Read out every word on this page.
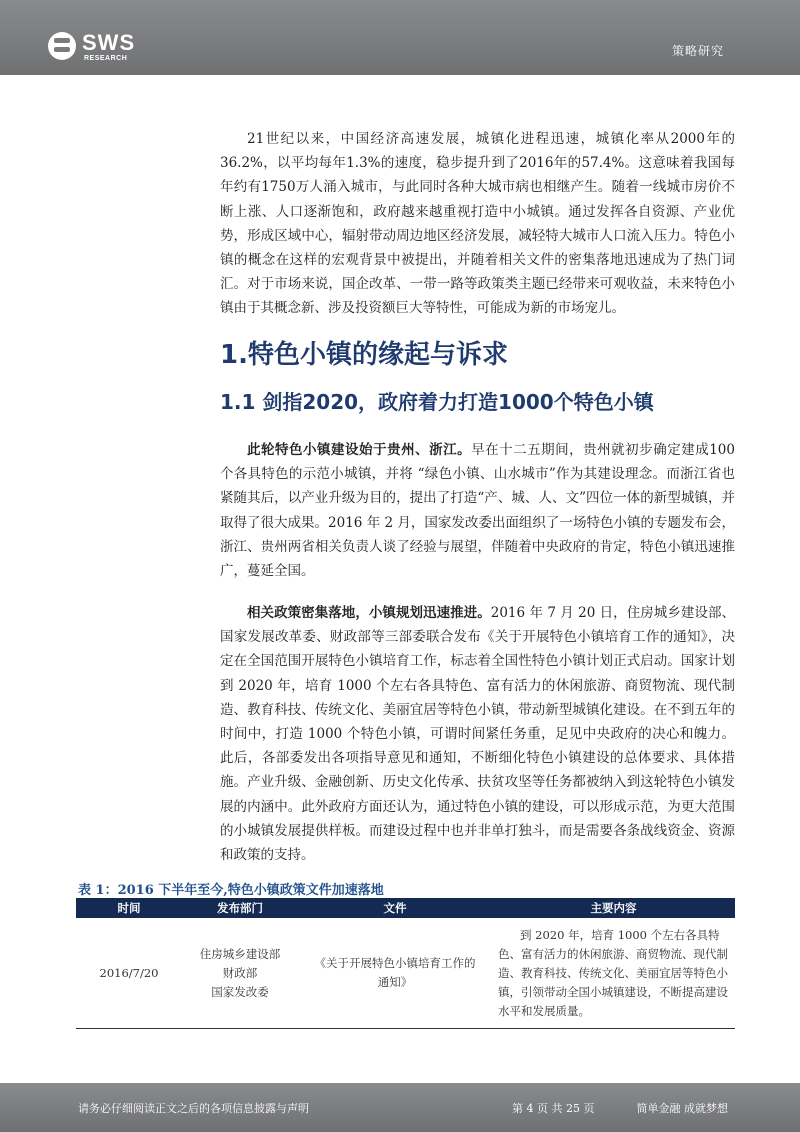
SWS
RESEARCH
策略研究

21世纪以来，中国经济高速发展，城镇化进程迅速，城镇化率从2000年的36.2%，以平均每年1.3%的速度，稳步提升到了2016年的57.4%。这意味着我国每年约有1750万人涌入城市，与此同时各种大城市病也相继产生。随着一线城市房价不断上涨、人口逐渐饱和，政府越来越重视打造中小城镇。通过发挥各自资源、产业优势，形成区域中心，辐射带动周边地区经济发展，减轻特大城市人口流入压力。特色小镇的概念在这样的宏观背景中被提出，并随着相关文件的密集落地迅速成为了热门词汇。对于市场来说，国企改革、一带一路等政策类主题已经带来可观收益，未来特色小镇由于其概念新、涉及投资额巨大等特性，可能成为新的市场宠儿。

1.特色小镇的缘起与诉求
1.1 剑指2020，政府着力打造1000个特色小镇

此轮特色小镇建设始于贵州、浙江。早在十二五期间，贵州就初步确定建成100 个各具特色的示范小城镇，并将 “绿色小镇、山水城市”作为其建设理念。而浙江省也紧随其后，以产业升级为目的，提出了打造“产、城、人、文”四位一体的新型城镇，并取得了很大成果。2016 年 2 月，国家发改委出面组织了一场特色小镇的专题发布会，浙江、贵州两省相关负责人谈了经验与展望，伴随着中央政府的肯定，特色小镇迅速推广，蔓延全国。

相关政策密集落地，小镇规划迅速推进。2016 年 7 月 20 日，住房城乡建设部、国家发展改革委、财政部等三部委联合发布《关于开展特色小镇培育工作的通知》，决定在全国范围开展特色小镇培育工作，标志着全国性特色小镇计划正式启动。国家计划到 2020 年，培育 1000 个左右各具特色、富有活力的休闲旅游、商贸物流、现代制造、教育科技、传统文化、美丽宜居等特色小镇，带动新型城镇化建设。在不到五年的时间中，打造 1000 个特色小镇，可谓时间紧任务重，足见中央政府的决心和魄力。此后，各部委发出各项指导意见和通知，不断细化特色小镇建设的总体要求、具体措施。产业升级、金融创新、历史文化传承、扶贫攻坚等任务都被纳入到这轮特色小镇发展的内涵中。此外政府方面还认为，通过特色小镇的建设，可以形成示范，为更大范围的小城镇发展提供样板。而建设过程中也并非单打独斗，而是需要各条战线资金、资源和政策的支持。

表 1：2016 下半年至今,特色小镇政策文件加速落地
时间	发布部门	文件	主要内容
2016/7/20	住房城乡建设部
财政部
国家发改委	《关于开展特色小镇培育工作的通知》	到 2020 年，培育 1000 个左右各具特色、富有活力的休闲旅游、商贸物流、现代制造、教育科技、传统文化、美丽宜居等特色小镇，引领带动全国小城镇建设，不断提高建设水平和发展质量。
请务必仔细阅读正文之后的各项信息披露与声明	第 4 页 共 25 页	简单金融 成就梦想
